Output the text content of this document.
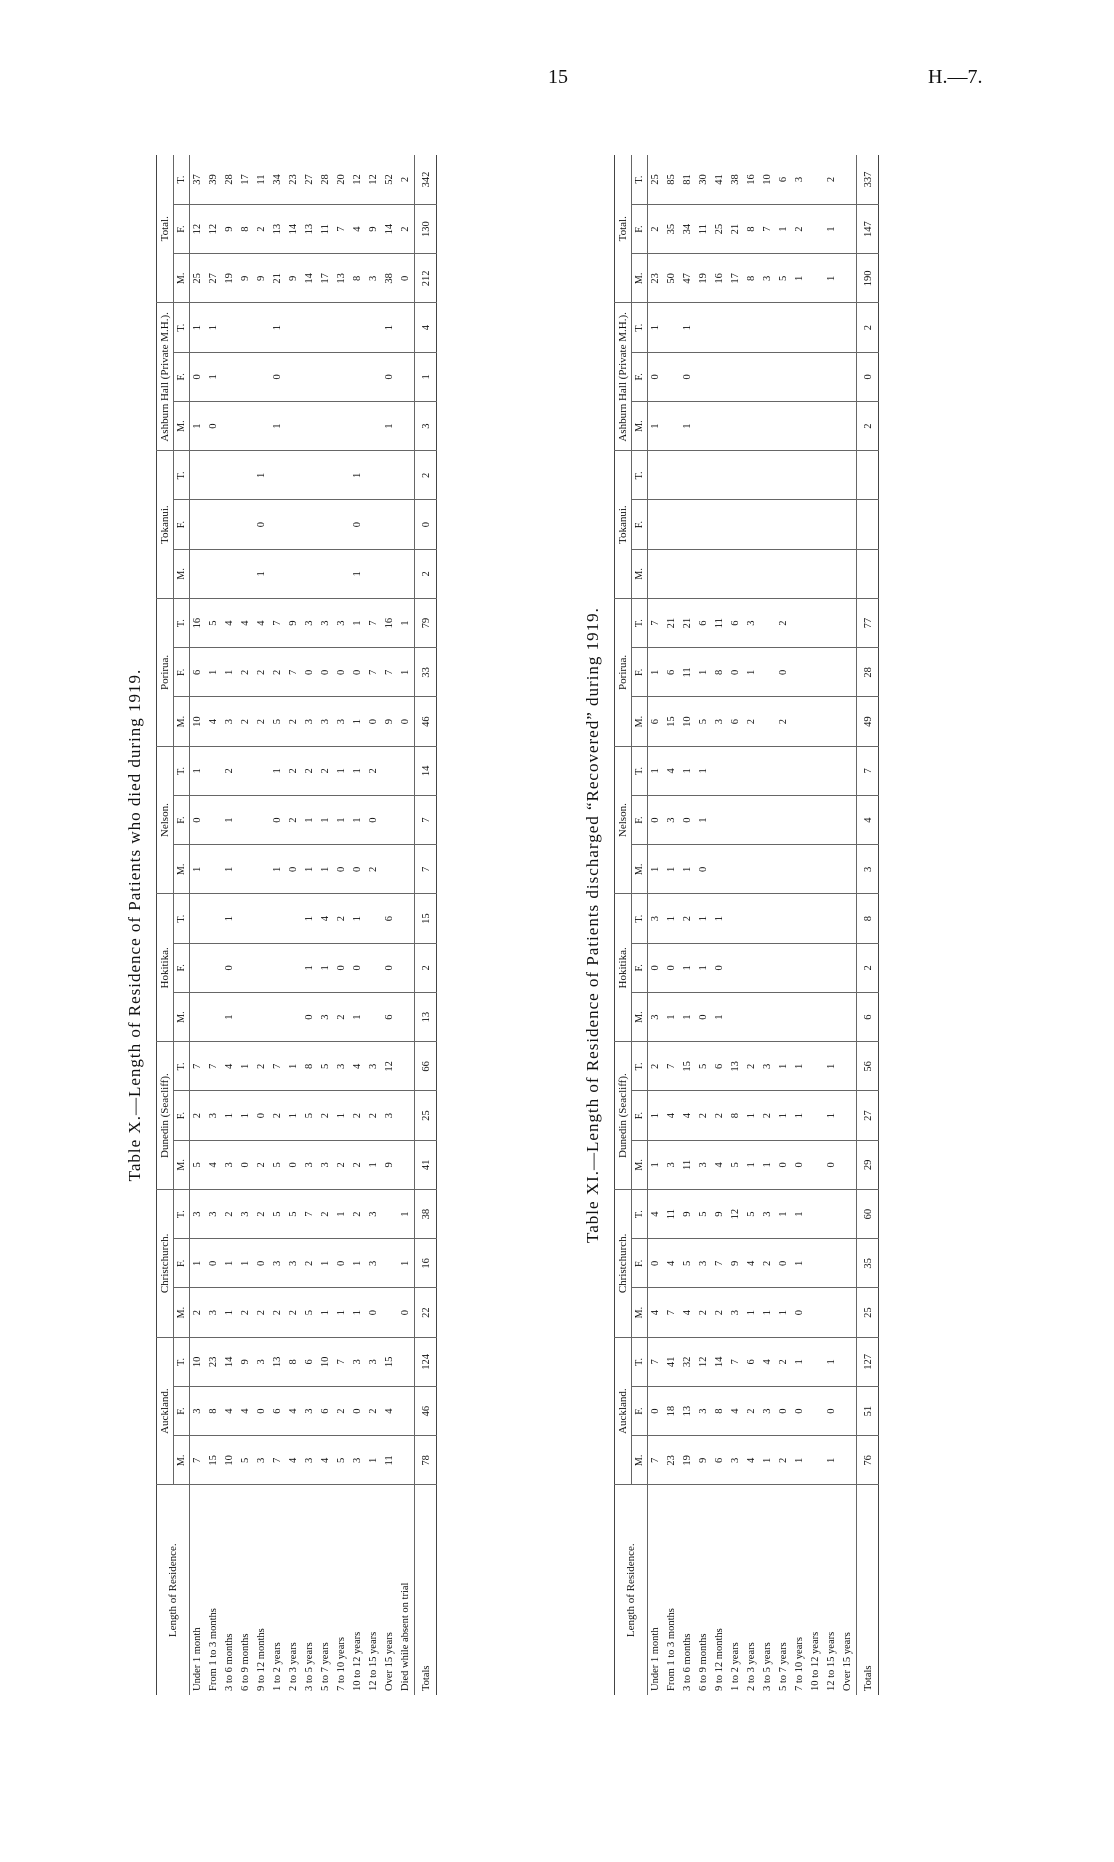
15	H.—7.
Table X.—Length of Residence of Patients who died during 1919.
Length of Residence.	Auckland.			Christchurch.			Dunedin (Seacliff).			Hokitika.			Nelson.			Porirua.			Tokanui.			Ashburn Hall (Private M.H.).			Total.		
	M.	F.	T.	M.	F.	T.	M.	F.	T.	M.	F.	T.	M.	F.	T.	M.	F.	T.	M.	F.	T.	M.	F.	T.	M.	F.	T.
Under 1 month	7	3	10	2	1	3	5	2	7				1	0	1	10	6	16				1	0	1	25	12	37
From 1 to 3 months	15	8	23	3	0	3	4	3	7							4	1	5				0	1	1	27	12	39
3 to 6 months	10	4	14	1	1	2	3	1	4	1	0	1	1	1	2	3	1	4							19	9	28
6 to 9 months	5	4	9	2	1	3	0	1	1							2	2	4							9	8	17
9 to 12 months	3	0	3	2	0	2	2	0	2							2	2	4	1	0	1				9	2	11
1 to 2 years	7	6	13	2	3	5	5	2	7				1	0	1	5	2	7				1	0	1	21	13	34
2 to 3 years	4	4	8	2	3	5	0	1	1				0	2	2	2	7	9							9	14	23
3 to 5 years	3	3	6	5	2	7	3	5	8	0	1	1	1	1	2	3	0	3							14	13	27
5 to 7 years	4	6	10	1	1	2	3	2	5	3	1	4	1	1	2	3	0	3							17	11	28
7 to 10 years	5	2	7	1	0	1	2	1	3	2	0	2	0	1	1	3	0	3							13	7	20
10 to 12 years	3	0	3	1	1	2	2	2	4	1	0	1	0	1	1	1	0	1	1	0	1				8	4	12
12 to 15 years	1	2	3	0	3	3	1	2	3				2	0	2	0	7	7							3	9	12
Over 15 years	11	4	15				9	3	12	6	0	6				9	7	16				1	0	1	38	14	52
Died while absent on trial				0	1	1										0	1	1							0	2	2
Totals	78	46	124	22	16	38	41	25	66	13	2	15	7	7	14	46	33	79	2	0	2	3	1	4	212	130	342
Table XI.—Length of Residence of Patients discharged “Recovered” during 1919.
Length of Residence.	Auckland.			Christchurch.			Dunedin (Seacliff).			Hokitika.			Nelson.			Porirua.			Tokanui.			Ashburn Hall (Private M.H.).			Total.		
	M.	F.	T.	M.	F.	T.	M.	F.	T.	M.	F.	T.	M.	F.	T.	M.	F.	T.	M.	F.	T.	M.	F.	T.	M.	F.	T.
Under 1 month	7	0	7	4	0	4	1	1	2	3	0	3	1	0	1	6	1	7				1	0	1	23	2	25
From 1 to 3 months	23	18	41	7	4	11	3	4	7	1	0	1	1	3	4	15	6	21							50	35	85
3 to 6 months	19	13	32	4	5	9	11	4	15	1	1	2	1	0	1	10	11	21				1	0	1	47	34	81
6 to 9 months	9	3	12	2	3	5	3	2	5	0	1	1	0	1	1	5	1	6							19	11	30
9 to 12 months	6	8	14	2	7	9	4	2	6	1	0	1				3	8	11							16	25	41
1 to 2 years	3	4	7	3	9	12	5	8	13							6	0	6							17	21	38
2 to 3 years	4	2	6	1	4	5	1	1	2							2	1	3							8	8	16
3 to 5 years	1	3	4	1	2	3	1	2	3																3	7	10
5 to 7 years	2	0	2	1	0	1	0	1	1							2	0	2							5	1	6
7 to 10 years	1	0	1	0	1	1	0	1	1																1	2	3
10 to 12 years																											
12 to 15 years	1	0	1				0	1	1																1	1	2
Over 15 years																											
Totals	76	51	127	25	35	60	29	27	56	6	2	8	3	4	7	49	28	77				2	0	2	190	147	337
